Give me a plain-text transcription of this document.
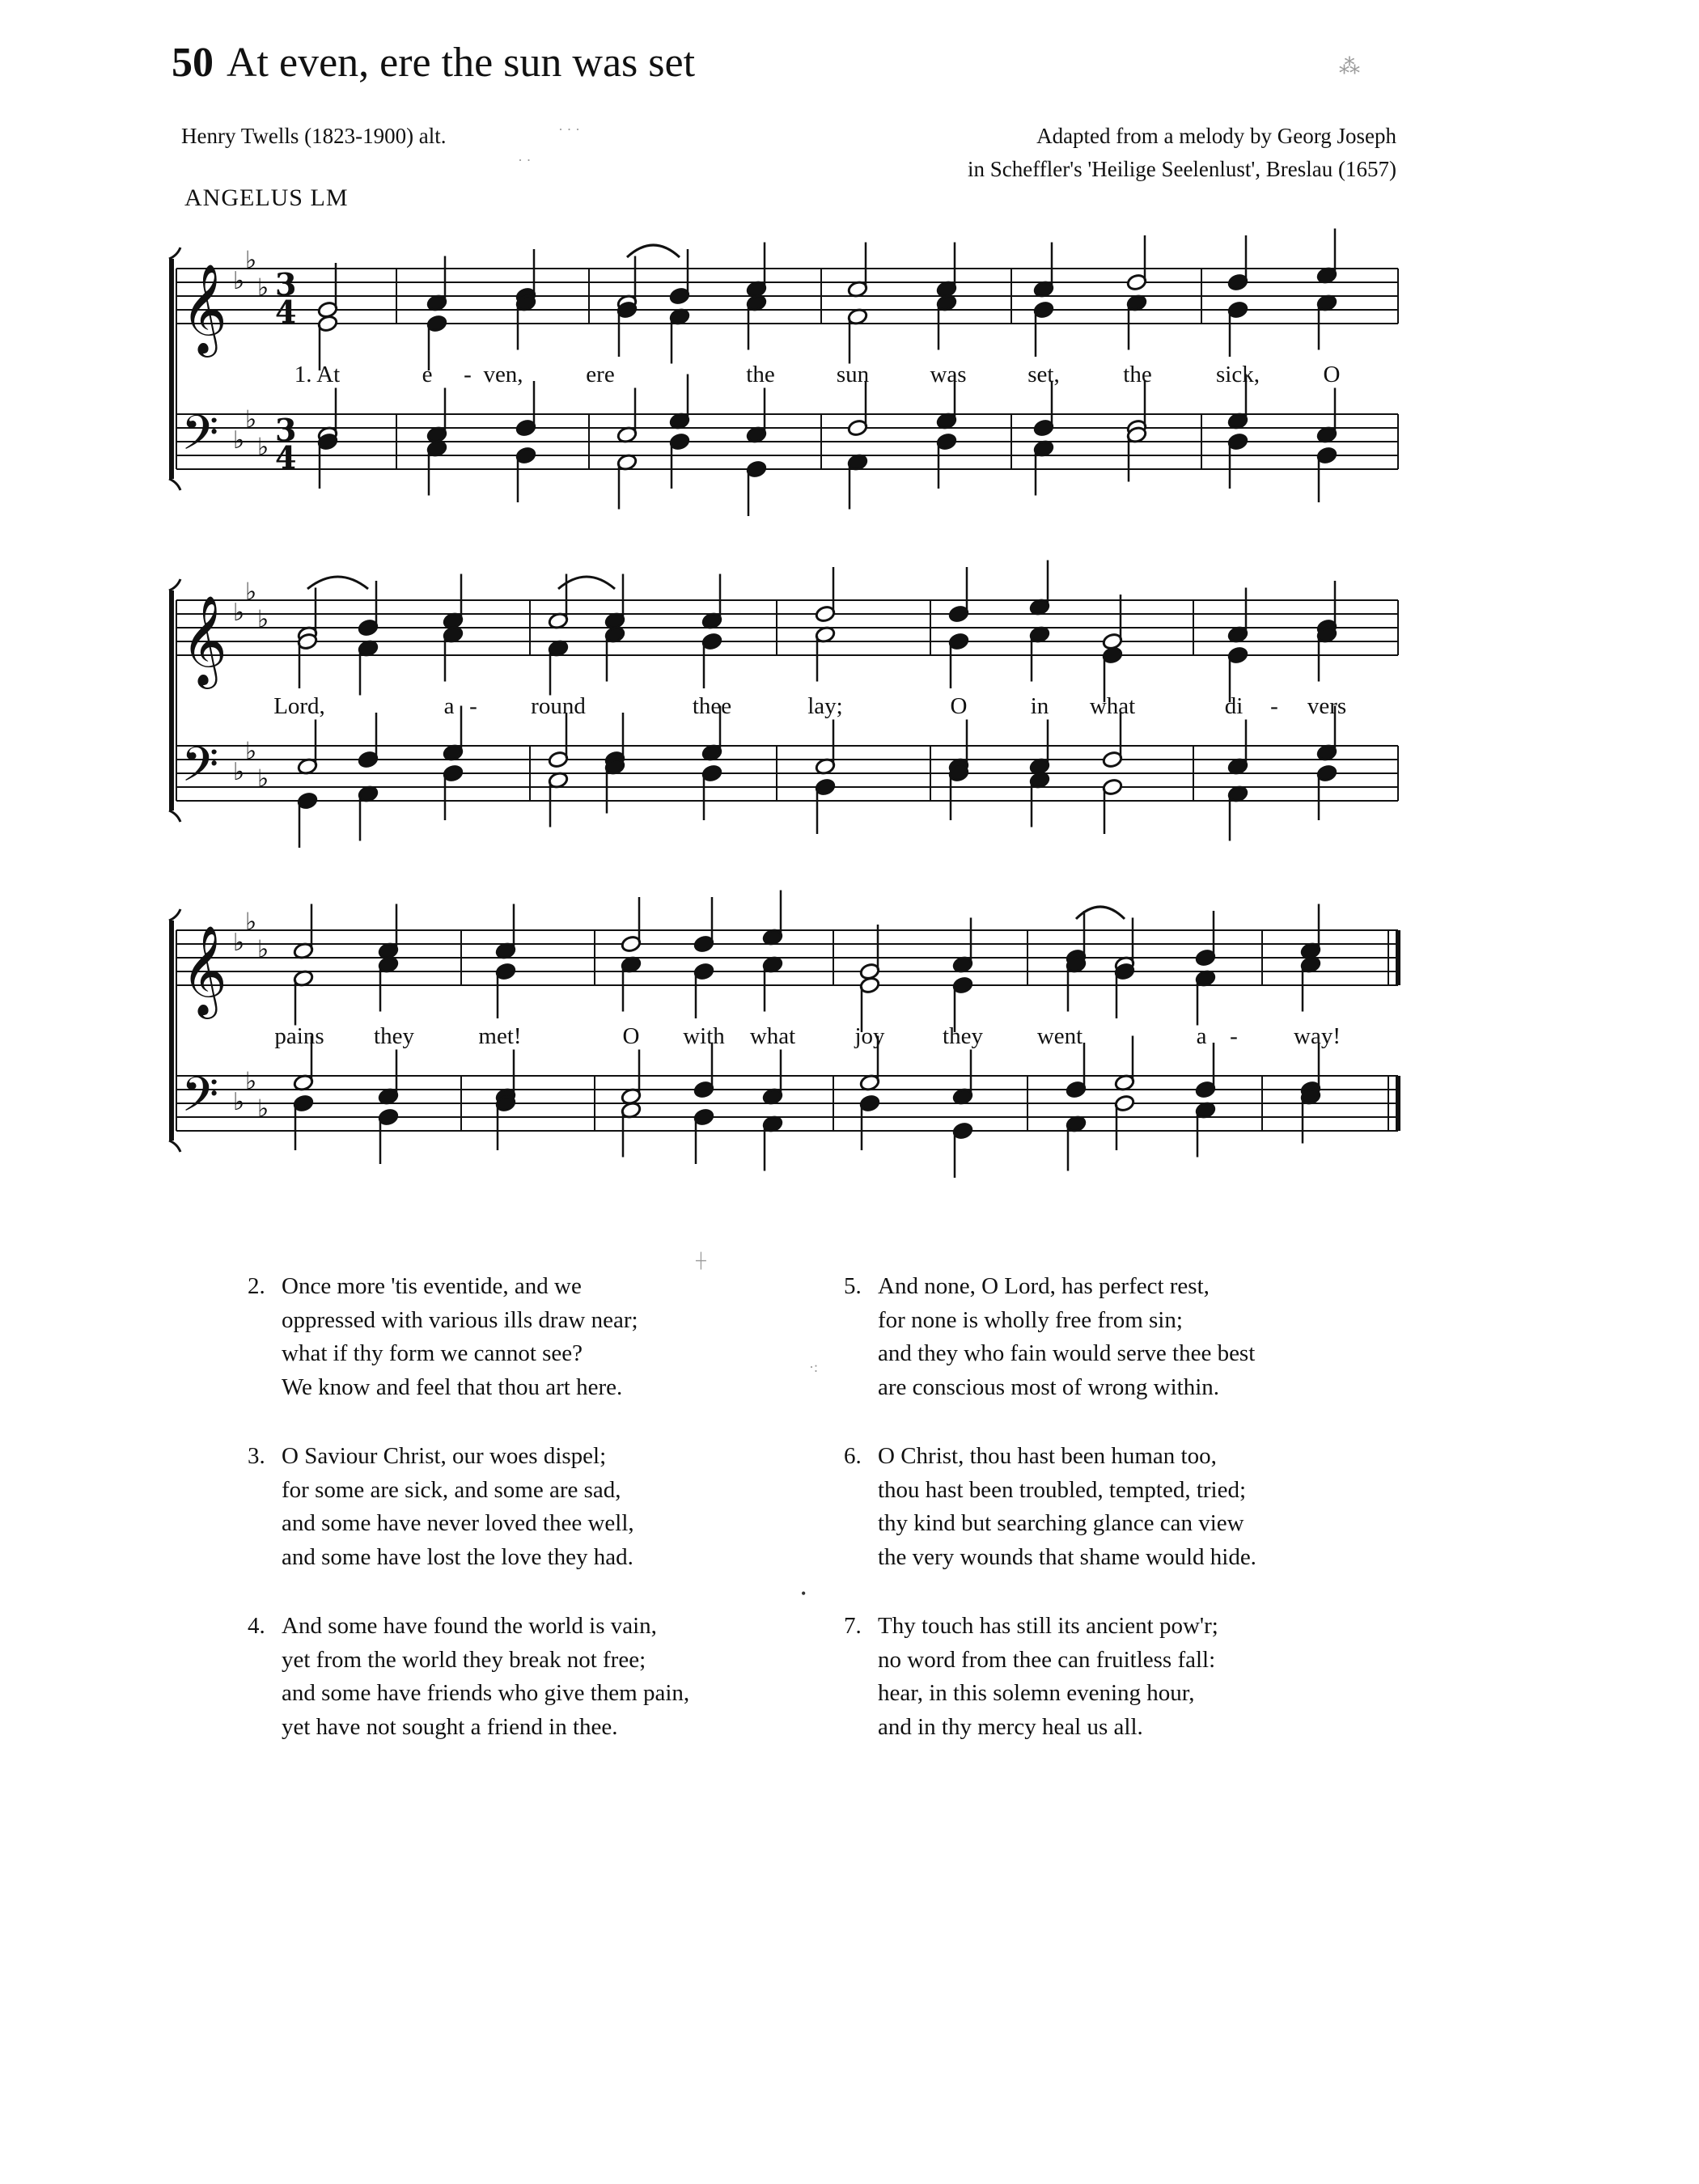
50 At even, ere the sun was set
Henry Twells (1823-1900) alt.	Adapted from a melody by Georg Joseph
in Scheffler's 'Heilige Seelenlust', Breslau (1657)
ANGELUS LM
𝄞 ♭
♭
♭ 3
4
𝄢 ♭
♭
♭ 3
4
1. At	e - ven,	ere	the	sun	was	set,	the	sick,	O
𝄞 ♭
♭
♭
𝄢 ♭
♭
♭
Lord,	a - round	thee	lay;	O	in what	di - vers
𝄞 ♭
♭
♭
𝄢 ♭
♭
♭
pains they	met!	O with what	joy they went	a - way!
2. Once more 'tis eventide, and we
oppressed with various ills draw near;
what if thy form we cannot see?
We know and feel that thou art here.
3. O Saviour Christ, our woes dispel;
for some are sick, and some are sad,
and some have never loved thee well,
and some have lost the love they had.
4. And some have found the world is vain,
yet from the world they break not free;
and some have friends who give them pain,
yet have not sought a friend in thee.
5. And none, O Lord, has perfect rest,
for none is wholly free from sin;
and they who fain would serve thee best
are conscious most of wrong within.
6. O Christ, thou hast been human too,
thou hast been troubled, tempted, tried;
thy kind but searching glance can view
the very wounds that shame would hide.
7. Thy touch has still its ancient pow'r;
no word from thee can fruitless fall:
hear, in this solemn evening hour,
and in thy mercy heal us all.
⁂
· · ·
· ·
┼
·:
•
